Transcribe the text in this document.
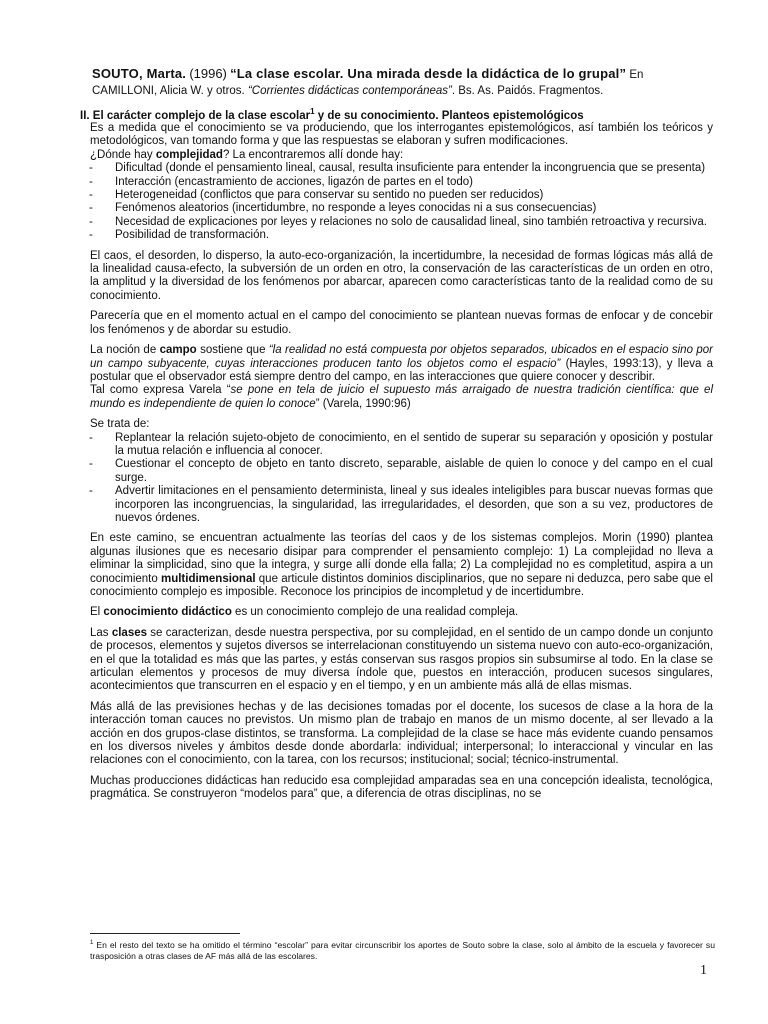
SOUTO, Marta. (1996) “La clase escolar. Una mirada desde la didáctica de lo grupal” En
CAMILLONI, Alicia W. y otros. “Corrientes didácticas contemporáneas”. Bs. As. Paidós. Fragmentos.
II. El carácter complejo de la clase escolar$^1$ y de su conocimiento. Planteos epistemológicos

Es a medida que el conocimiento se va produciendo, que los interrogantes epistemológicos, así también los teóricos y metodológicos, van tomando forma y que las respuestas se elaboran y sufren modificaciones.

¿Dónde hay complejidad? La encontraremos allí donde hay:

- Dificultad (donde el pensamiento lineal, causal, resulta insuficiente para entender la incongruencia que se presenta)
- Interacción (encastramiento de acciones, ligazón de partes en el todo)
- Heterogeneidad (conflictos que para conservar su sentido no pueden ser reducidos)
- Fenómenos aleatorios (incertidumbre, no responde a leyes conocidas ni a sus consecuencias)
- Necesidad de explicaciones por leyes y relaciones no solo de causalidad lineal, sino también retroactiva y recursiva.
- Posibilidad de transformación.

El caos, el desorden, lo disperso, la auto-eco-organización, la incertidumbre, la necesidad de formas lógicas más allá de la linealidad causa-efecto, la subversión de un orden en otro, la conservación de las características de un orden en otro, la amplitud y la diversidad de los fenómenos por abarcar, aparecen como características tanto de la realidad como de su conocimiento.

Parecería que en el momento actual en el campo del conocimiento se plantean nuevas formas de enfocar y de concebir los fenómenos y de abordar su estudio.

La noción de campo sostiene que “la realidad no está compuesta por objetos separados, ubicados en el espacio sino por un campo subyacente, cuyas interacciones producen tanto los objetos como el espacio” (Hayles, 1993:13), y lleva a postular que el observador está siempre dentro del campo, en las interacciones que quiere conocer y describir.

Tal como expresa Varela “se pone en tela de juicio el supuesto más arraigado de nuestra tradición científica: que el mundo es independiente de quien lo conoce” (Varela, 1990:96)

Se trata de:

- Replantear la relación sujeto-objeto de conocimiento, en el sentido de superar su separación y oposición y postular la mutua relación e influencia al conocer.
- Cuestionar el concepto de objeto en tanto discreto, separable, aislable de quien lo conoce y del campo en el cual surge.
- Advertir limitaciones en el pensamiento determinista, lineal y sus ideales inteligibles para buscar nuevas formas que incorporen las incongruencias, la singularidad, las irregularidades, el desorden, que son a su vez, productores de nuevos órdenes.

En este camino, se encuentran actualmente las teorías del caos y de los sistemas complejos. Morin (1990) plantea algunas ilusiones que es necesario disipar para comprender el pensamiento complejo: 1) La complejidad no lleva a eliminar la simplicidad, sino que la integra, y surge allí donde ella falla; 2) La complejidad no es completitud, aspira a un conocimiento multidimensional que articule distintos dominios disciplinarios, que no separe ni deduzca, pero sabe que el conocimiento complejo es imposible. Reconoce los principios de incompletud y de incertidumbre.

El conocimiento didáctico es un conocimiento complejo de una realidad compleja.

Las clases se caracterizan, desde nuestra perspectiva, por su complejidad, en el sentido de un campo donde un conjunto de procesos, elementos y sujetos diversos se interrelacionan constituyendo un sistema nuevo con auto-eco-organización, en el que la totalidad es más que las partes, y estás conservan sus rasgos propios sin subsumirse al todo. En la clase se articulan elementos y procesos de muy diversa índole que, puestos en interacción, producen sucesos singulares, acontecimientos que transcurren en el espacio y en el tiempo, y en un ambiente más allá de ellas mismas.

Más allá de las previsiones hechas y de las decisiones tomadas por el docente, los sucesos de clase a la hora de la interacción toman cauces no previstos. Un mismo plan de trabajo en manos de un mismo docente, al ser llevado a la acción en dos grupos-clase distintos, se transforma. La complejidad de la clase se hace más evidente cuando pensamos en los diversos niveles y ámbitos desde donde abordarla: individual; interpersonal; lo interaccional y vincular en las relaciones con el conocimiento, con la tarea, con los recursos; institucional; social; técnico-instrumental.

Muchas producciones didácticas han reducido esa complejidad amparadas sea en una concepción idealista, tecnológica, pragmática. Se construyeron “modelos para” que, a diferencia de otras disciplinas, no se

$^1$ En el resto del texto se ha omitido el término “escolar” para evitar circunscribir los aportes de Souto sobre la clase, solo al ámbito de la escuela y favorecer su trasposición a otras clases de AF más allá de las escolares.
1
